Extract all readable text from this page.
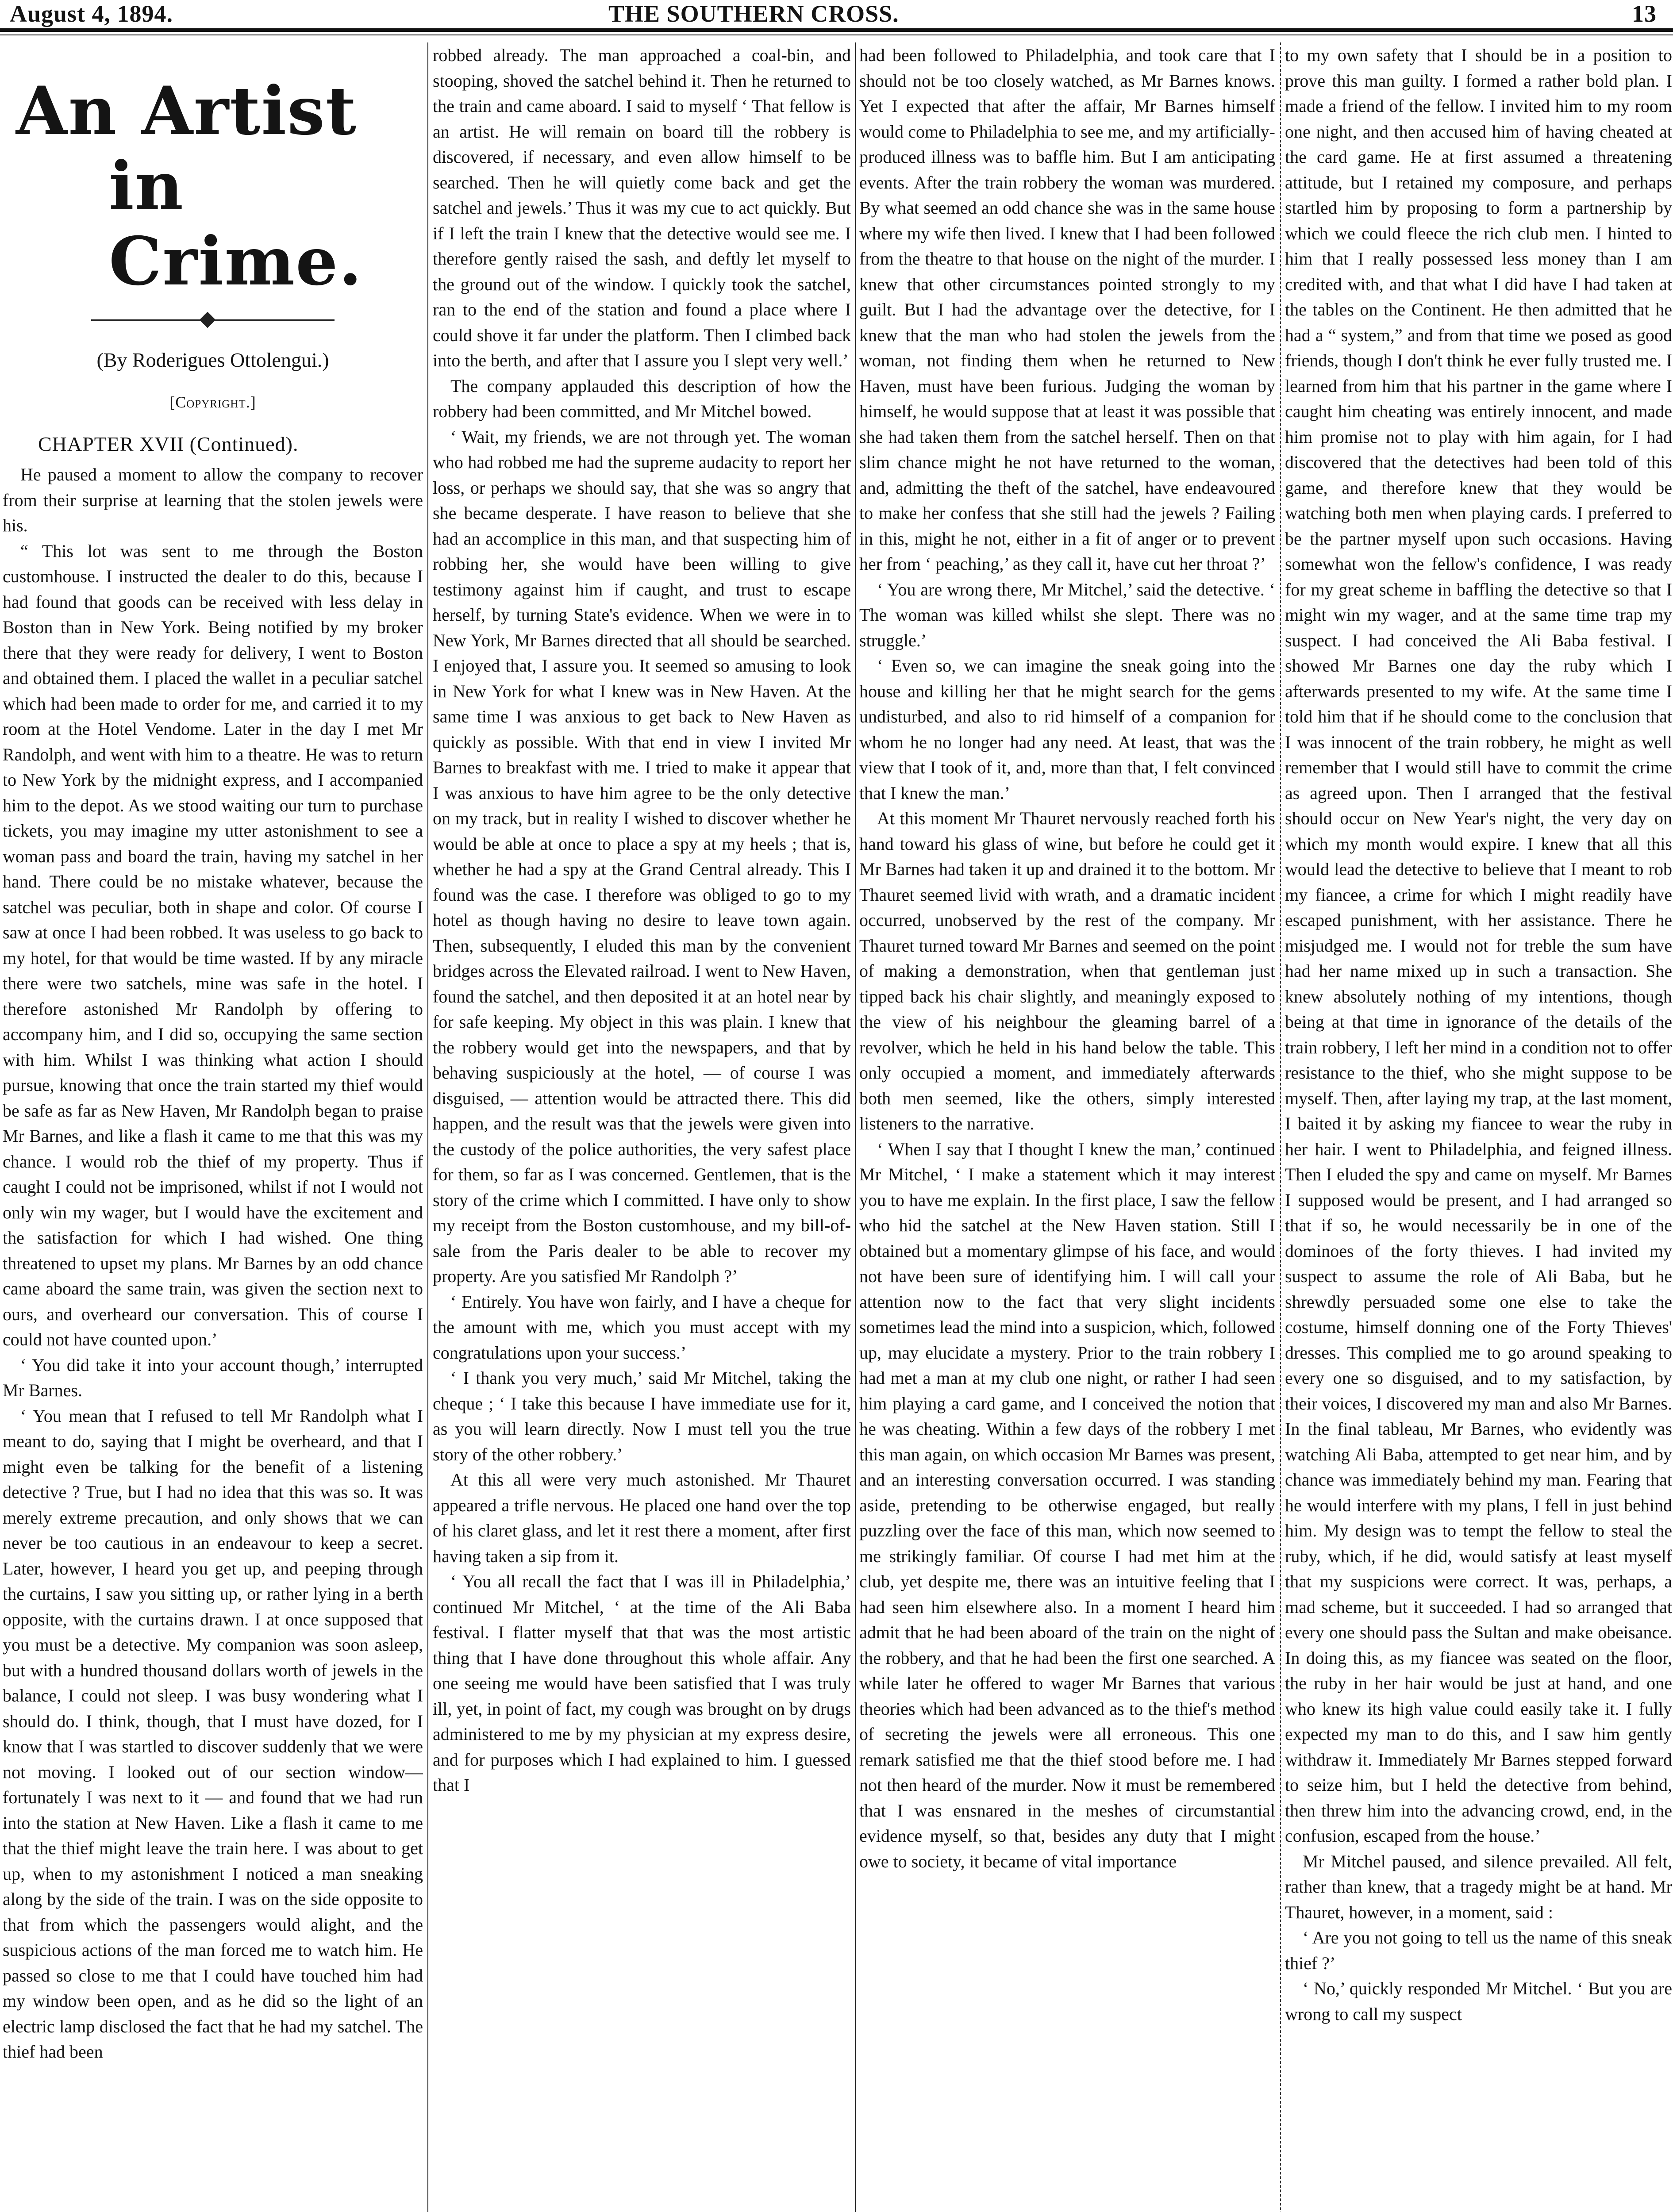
August 4, 1894.	THE SOUTHERN CROSS.	13
An Artist
in Crime.
(By Roderigues Ottolengui.)
[Copyright.]
CHAPTER XVII (Continued).

He paused a moment to allow the company to recover from their surprise at learning that the stolen jewels were his.

“ This lot was sent to me through the Boston customhouse. I instructed the dealer to do this, because I had found that goods can be received with less delay in Boston than in New York. Being notified by my broker there that they were ready for delivery, I went to Boston and obtained them. I placed the wallet in a peculiar satchel which had been made to order for me, and carried it to my room at the Hotel Vendome. Later in the day I met Mr Randolph, and went with him to a theatre. He was to return to New York by the midnight express, and I accompanied him to the depot. As we stood waiting our turn to purchase tickets, you may imagine my utter astonishment to see a woman pass and board the train, having my satchel in her hand. There could be no mistake whatever, because the satchel was peculiar, both in shape and color. Of course I saw at once I had been robbed. It was useless to go back to my hotel, for that would be time wasted. If by any miracle there were two satchels, mine was safe in the hotel. I therefore astonished Mr Randolph by offering to accompany him, and I did so, occupying the same section with him. Whilst I was thinking what action I should pursue, knowing that once the train started my thief would be safe as far as New Haven, Mr Randolph began to praise Mr Barnes, and like a flash it came to me that this was my chance. I would rob the thief of my property. Thus if caught I could not be imprisoned, whilst if not I would not only win my wager, but I would have the excitement and the satisfaction for which I had wished. One thing threatened to upset my plans. Mr Barnes by an odd chance came aboard the same train, was given the section next to ours, and overheard our conversation. This of course I could not have counted upon.’

‘ You did take it into your account though,’ interrupted Mr Barnes.

‘ You mean that I refused to tell Mr Randolph what I meant to do, saying that I might be overheard, and that I might even be talking for the benefit of a listening detective ? True, but I had no idea that this was so. It was merely extreme precaution, and only shows that we can never be too cautious in an endeavour to keep a secret. Later, however, I heard you get up, and peeping through the curtains, I saw you sitting up, or rather lying in a berth opposite, with the curtains drawn. I at once supposed that you must be a detective. My companion was soon asleep, but with a hundred thousand dollars worth of jewels in the balance, I could not sleep. I was busy wondering what I should do. I think, though, that I must have dozed, for I know that I was startled to discover suddenly that we were not moving. I looked out of our section window—fortunately I was next to it — and found that we had run into the station at New Haven. Like a flash it came to me that the thief might leave the train here. I was about to get up, when to my astonishment I noticed a man sneaking along by the side of the train. I was on the side opposite to that from which the passengers would alight, and the suspicious actions of the man forced me to watch him. He passed so close to me that I could have touched him had my window been open, and as he did so the light of an electric lamp disclosed the fact that he had my satchel. The thief had been

robbed already. The man approached a coal-bin, and stooping, shoved the satchel behind it. Then he returned to the train and came aboard. I said to myself ‘ That fellow is an artist. He will remain on board till the robbery is discovered, if necessary, and even allow himself to be searched. Then he will quietly come back and get the satchel and jewels.’ Thus it was my cue to act quickly. But if I left the train I knew that the detective would see me. I therefore gently raised the sash, and deftly let myself to the ground out of the window. I quickly took the satchel, ran to the end of the station and found a place where I could shove it far under the platform. Then I climbed back into the berth, and after that I assure you I slept very well.’

The company applauded this description of how the robbery had been committed, and Mr Mitchel bowed.

‘ Wait, my friends, we are not through yet. The woman who had robbed me had the supreme audacity to report her loss, or perhaps we should say, that she was so angry that she became desperate. I have reason to believe that she had an accomplice in this man, and that suspecting him of robbing her, she would have been willing to give testimony against him if caught, and trust to escape herself, by turning State's evidence. When we were in to New York, Mr Barnes directed that all should be searched. I enjoyed that, I assure you. It seemed so amusing to look in New York for what I knew was in New Haven. At the same time I was anxious to get back to New Haven as quickly as possible. With that end in view I invited Mr Barnes to breakfast with me. I tried to make it appear that I was anxious to have him agree to be the only detective on my track, but in reality I wished to discover whether he would be able at once to place a spy at my heels ; that is, whether he had a spy at the Grand Central already. This I found was the case. I therefore was obliged to go to my hotel as though having no desire to leave town again. Then, subsequently, I eluded this man by the convenient bridges across the Elevated railroad. I went to New Haven, found the satchel, and then deposited it at an hotel near by for safe keeping. My object in this was plain. I knew that the robbery would get into the newspapers, and that by behaving suspiciously at the hotel, — of course I was disguised, — attention would be attracted there. This did happen, and the result was that the jewels were given into the custody of the police authorities, the very safest place for them, so far as I was concerned. Gentlemen, that is the story of the crime which I committed. I have only to show my receipt from the Boston customhouse, and my bill-of-sale from the Paris dealer to be able to recover my property. Are you satisfied Mr Randolph ?’

‘ Entirely. You have won fairly, and I have a cheque for the amount with me, which you must accept with my congratulations upon your success.’

‘ I thank you very much,’ said Mr Mitchel, taking the cheque ; ‘ I take this because I have immediate use for it, as you will learn directly. Now I must tell you the true story of the other robbery.’

At this all were very much astonished. Mr Thauret appeared a trifle nervous. He placed one hand over the top of his claret glass, and let it rest there a moment, after first having taken a sip from it.

‘ You all recall the fact that I was ill in Philadelphia,’ continued Mr Mitchel, ‘ at the time of the Ali Baba festival. I flatter myself that that was the most artistic thing that I have done throughout this whole affair. Any one seeing me would have been satisfied that I was truly ill, yet, in point of fact, my cough was brought on by drugs administered to me by my physician at my express desire, and for purposes which I had explained to him. I guessed that I

had been followed to Philadelphia, and took care that I should not be too closely watched, as Mr Barnes knows. Yet I expected that after the affair, Mr Barnes himself would come to Philadelphia to see me, and my artificially-produced illness was to baffle him. But I am anticipating events. After the train robbery the woman was murdered. By what seemed an odd chance she was in the same house where my wife then lived. I knew that I had been followed from the theatre to that house on the night of the murder. I knew that other circumstances pointed strongly to my guilt. But I had the advantage over the detective, for I knew that the man who had stolen the jewels from the woman, not finding them when he returned to New Haven, must have been furious. Judging the woman by himself, he would suppose that at least it was possible that she had taken them from the satchel herself. Then on that slim chance might he not have returned to the woman, and, admitting the theft of the satchel, have endeavoured to make her confess that she still had the jewels ? Failing in this, might he not, either in a fit of anger or to prevent her from ‘ peaching,’ as they call it, have cut her throat ?’

‘ You are wrong there, Mr Mitchel,’ said the detective. ‘ The woman was killed whilst she slept. There was no struggle.’

‘ Even so, we can imagine the sneak going into the house and killing her that he might search for the gems undisturbed, and also to rid himself of a companion for whom he no longer had any need. At least, that was the view that I took of it, and, more than that, I felt convinced that I knew the man.’

At this moment Mr Thauret nervously reached forth his hand toward his glass of wine, but before he could get it Mr Barnes had taken it up and drained it to the bottom. Mr Thauret seemed livid with wrath, and a dramatic incident occurred, unobserved by the rest of the company. Mr Thauret turned toward Mr Barnes and seemed on the point of making a demonstration, when that gentleman just tipped back his chair slightly, and meaningly exposed to the view of his neighbour the gleaming barrel of a revolver, which he held in his hand below the table. This only occupied a moment, and immediately afterwards both men seemed, like the others, simply interested listeners to the narrative.

‘ When I say that I thought I knew the man,’ continued Mr Mitchel, ‘ I make a statement which it may interest you to have me explain. In the first place, I saw the fellow who hid the satchel at the New Haven station. Still I obtained but a momentary glimpse of his face, and would not have been sure of identifying him. I will call your attention now to the fact that very slight incidents sometimes lead the mind into a suspicion, which, followed up, may elucidate a mystery. Prior to the train robbery I had met a man at my club one night, or rather I had seen him playing a card game, and I conceived the notion that he was cheating. Within a few days of the robbery I met this man again, on which occasion Mr Barnes was present, and an interesting conversation occurred. I was standing aside, pretending to be otherwise engaged, but really puzzling over the face of this man, which now seemed to me strikingly familiar. Of course I had met him at the club, yet despite me, there was an intuitive feeling that I had seen him elsewhere also. In a moment I heard him admit that he had been aboard of the train on the night of the robbery, and that he had been the first one searched. A while later he offered to wager Mr Barnes that various theories which had been advanced as to the thief's method of secreting the jewels were all erroneous. This one remark satisfied me that the thief stood before me. I had not then heard of the murder. Now it must be remembered that I was ensnared in the meshes of circumstantial evidence myself, so that, besides any duty that I might owe to society, it became of vital importance

to my own safety that I should be in a position to prove this man guilty. I formed a rather bold plan. I made a friend of the fellow. I invited him to my room one night, and then accused him of having cheated at the card game. He at first assumed a threatening attitude, but I retained my composure, and perhaps startled him by proposing to form a partnership by which we could fleece the rich club men. I hinted to him that I really possessed less money than I am credited with, and that what I did have I had taken at the tables on the Continent. He then admitted that he had a “ system,” and from that time we posed as good friends, though I don't think he ever fully trusted me. I learned from him that his partner in the game where I caught him cheating was entirely innocent, and made him promise not to play with him again, for I had discovered that the detectives had been told of this game, and therefore knew that they would be watching both men when playing cards. I preferred to be the partner myself upon such occasions. Having somewhat won the fellow's confidence, I was ready for my great scheme in baffling the detective so that I might win my wager, and at the same time trap my suspect. I had conceived the Ali Baba festival. I showed Mr Barnes one day the ruby which I afterwards presented to my wife. At the same time I told him that if he should come to the conclusion that I was innocent of the train robbery, he might as well remember that I would still have to commit the crime as agreed upon. Then I arranged that the festival should occur on New Year's night, the very day on which my month would expire. I knew that all this would lead the detective to believe that I meant to rob my fiancee, a crime for which I might readily have escaped punishment, with her assistance. There he misjudged me. I would not for treble the sum have had her name mixed up in such a transaction. She knew absolutely nothing of my intentions, though being at that time in ignorance of the details of the train robbery, I left her mind in a condition not to offer resistance to the thief, who she might suppose to be myself. Then, after laying my trap, at the last moment, I baited it by asking my fiancee to wear the ruby in her hair. I went to Philadelphia, and feigned illness. Then I eluded the spy and came on myself. Mr Barnes I supposed would be present, and I had arranged so that if so, he would necessarily be in one of the dominoes of the forty thieves. I had invited my suspect to assume the role of Ali Baba, but he shrewdly persuaded some one else to take the costume, himself donning one of the Forty Thieves' dresses. This complied me to go around speaking to every one so disguised, and to my satisfaction, by their voices, I discovered my man and also Mr Barnes. In the final tableau, Mr Barnes, who evidently was watching Ali Baba, attempted to get near him, and by chance was immediately behind my man. Fearing that he would interfere with my plans, I fell in just behind him. My design was to tempt the fellow to steal the ruby, which, if he did, would satisfy at least myself that my suspicions were correct. It was, perhaps, a mad scheme, but it succeeded. I had so arranged that every one should pass the Sultan and make obeisance. In doing this, as my fiancee was seated on the floor, the ruby in her hair would be just at hand, and one who knew its high value could easily take it. I fully expected my man to do this, and I saw him gently withdraw it. Immediately Mr Barnes stepped forward to seize him, but I held the detective from behind, then threw him into the advancing crowd, end, in the confusion, escaped from the house.’

Mr Mitchel paused, and silence prevailed. All felt, rather than knew, that a tragedy might be at hand. Mr Thauret, however, in a moment, said :

‘ Are you not going to tell us the name of this sneak thief ?’

‘ No,’ quickly responded Mr Mitchel. ‘ But you are wrong to call my suspect
